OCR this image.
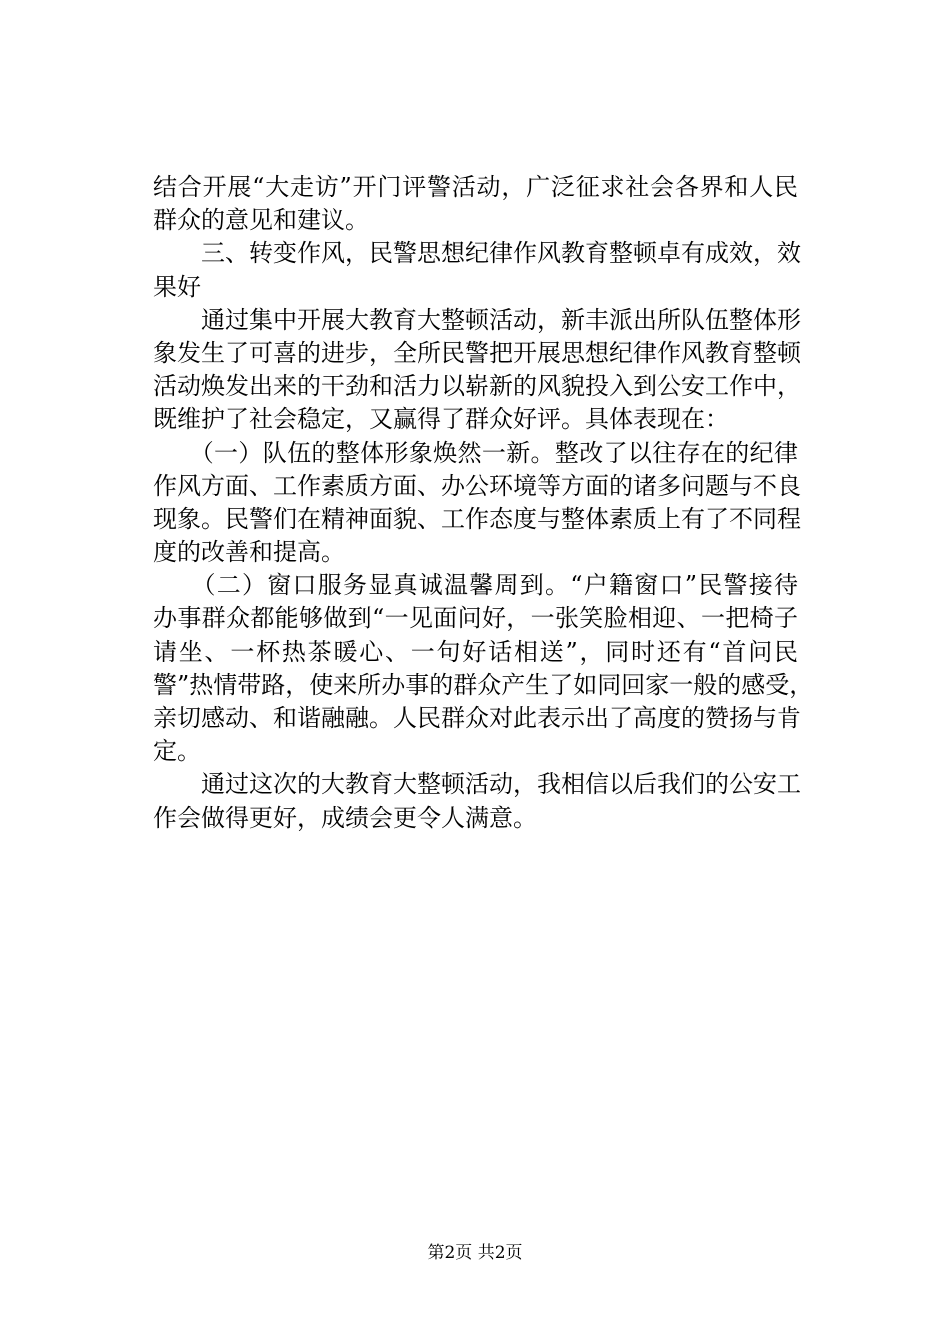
结合开展“大走访”开门评警活动，广泛征求社会各界和人民
群众的意见和建议。
　　三、转变作风，民警思想纪律作风教育整顿卓有成效，效
果好
　　通过集中开展大教育大整顿活动，新丰派出所队伍整体形
象发生了可喜的进步，全所民警把开展思想纪律作风教育整顿
活动焕发出来的干劲和活力以崭新的风貌投入到公安工作中，
既维护了社会稳定，又赢得了群众好评。具体表现在：
　　（一）队伍的整体形象焕然一新。整改了以往存在的纪律
作风方面、工作素质方面、办公环境等方面的诸多问题与不良
现象。民警们在精神面貌、工作态度与整体素质上有了不同程
度的改善和提高。
　　（二）窗口服务显真诚温馨周到。“户籍窗口”民警接待
办事群众都能够做到“一见面问好，一张笑脸相迎、一把椅子
请坐、一杯热茶暖心、一句好话相送”，同时还有“首问民
警”热情带路，使来所办事的群众产生了如同回家一般的感受，
亲切感动、和谐融融。人民群众对此表示出了高度的赞扬与肯
定。
　　通过这次的大教育大整顿活动，我相信以后我们的公安工
作会做得更好，成绩会更令人满意。
第2页 共2页
